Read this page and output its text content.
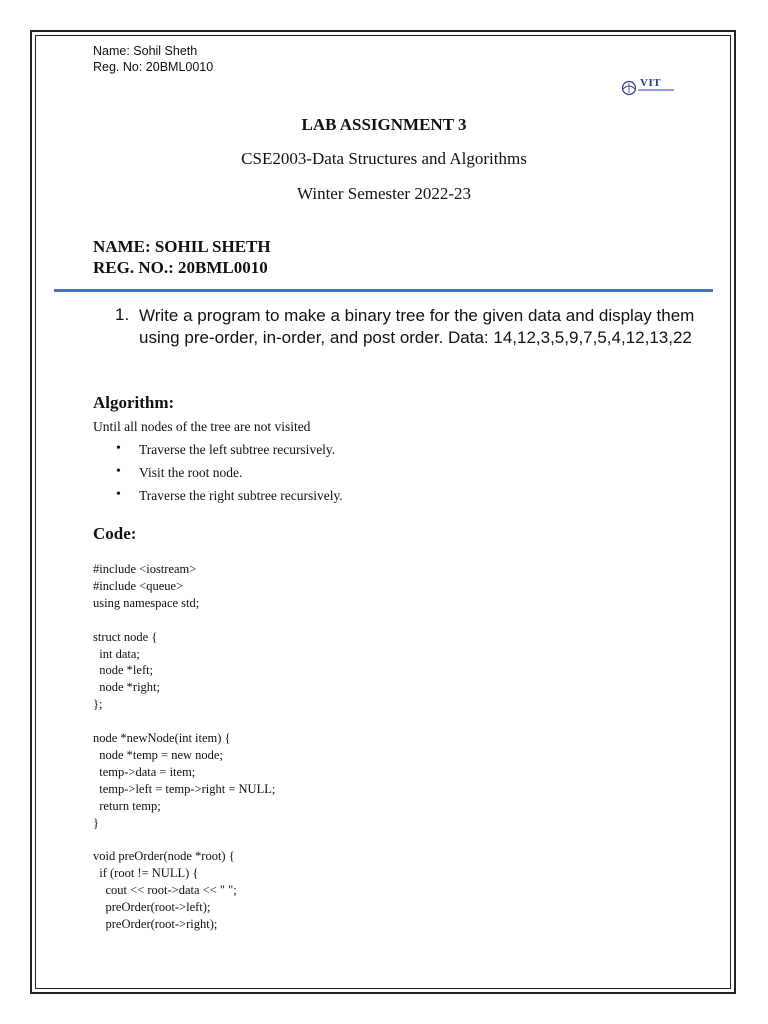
Name: Sohil Sheth
Reg. No: 20BML0010
VIT
LAB ASSIGNMENT 3
CSE2003-Data Structures and Algorithms
Winter Semester 2022-23
NAME: SOHIL SHETH
REG. NO.: 20BML0010
1. Write a program to make a binary tree for the given data and display them using pre-order, in-order, and post order. Data: 14,12,3,5,9,7,5,4,12,13,22
Algorithm:
Until all nodes of the tree are not visited
• Traverse the left subtree recursively.
• Visit the root node.
• Traverse the right subtree recursively.
Code:
#include <iostream>
#include <queue>
using namespace std;

struct node {
int data;
node *left;
node *right;
};

node *newNode(int item) {
node *temp = new node;
temp->data = item;
temp->left = temp->right = NULL;
return temp;
}

void preOrder(node *root) {
if (root != NULL) {
cout << root->data << " ";
preOrder(root->left);
preOrder(root->right);
